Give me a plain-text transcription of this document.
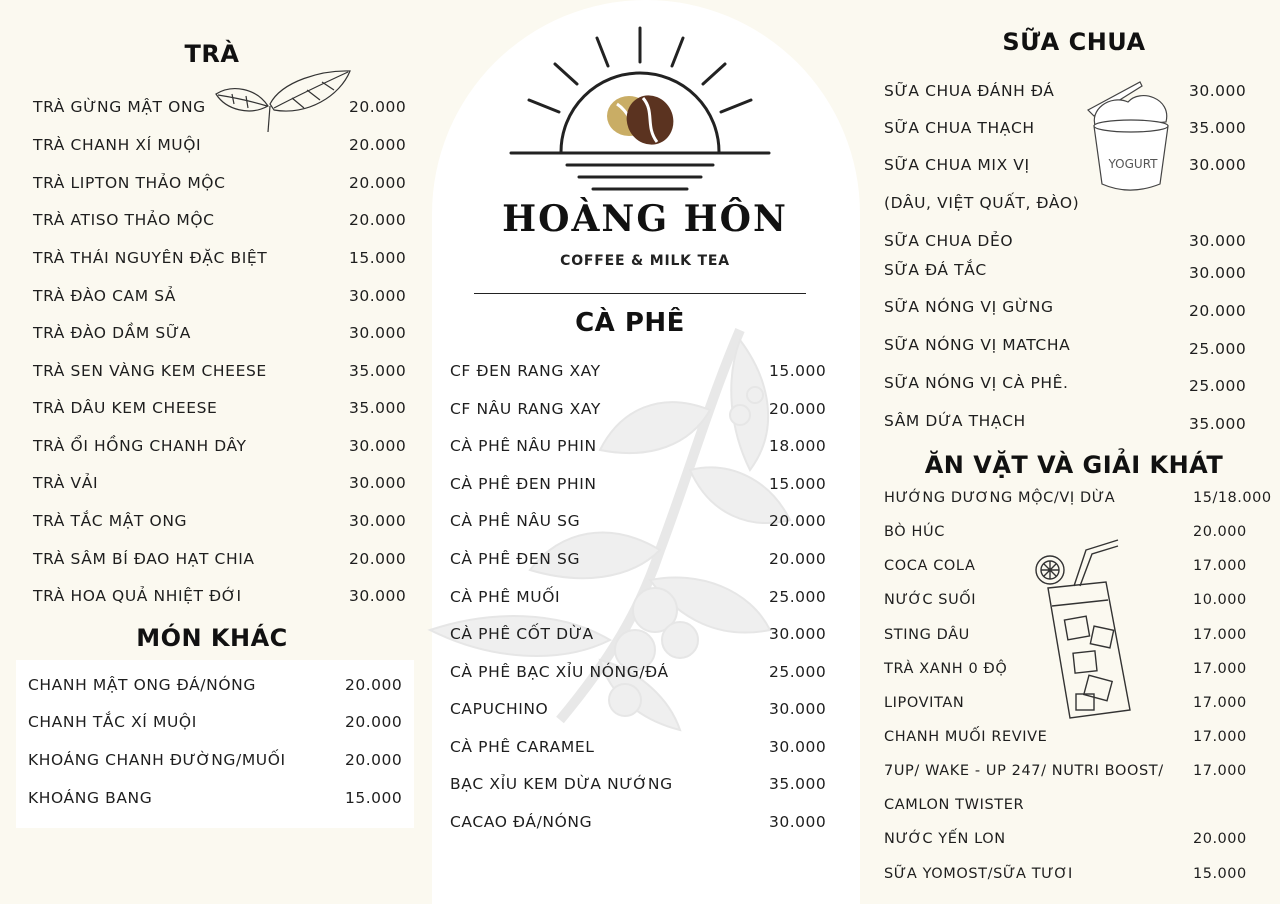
HOÀNG HÔN
COFFEE & MILK TEA
YOGURT
TRÀ
MÓN KHÁC
CÀ PHÊ
SỮA CHUA
ĂN VẶT VÀ GIẢI KHÁT
TRÀ GỪNG MẬT ONG	20.000
TRÀ CHANH XÍ MUỘI	20.000
TRÀ LIPTON THẢO MỘC	20.000
TRÀ ATISO THẢO MỘC	20.000
TRÀ THÁI NGUYÊN ĐẶC BIỆT	15.000
TRÀ ĐÀO CAM SẢ	30.000
TRÀ ĐÀO DẦM SỮA	30.000
TRÀ SEN VÀNG KEM CHEESE	35.000
TRÀ DÂU KEM CHEESE	35.000
TRÀ ỔI HỒNG CHANH DÂY	30.000
TRÀ VẢI	30.000
TRÀ TẮC MẬT ONG	30.000
TRÀ SÂM BÍ ĐAO HẠT CHIA	20.000
TRÀ HOA QUẢ NHIỆT ĐỚI	30.000
CHANH MẬT ONG ĐÁ/NÓNG	20.000
CHANH TẮC XÍ MUỘI	20.000
KHOÁNG CHANH ĐƯỜNG/MUỐI	20.000
KHOÁNG BANG	15.000
CF ĐEN RANG XAY	15.000
CF NÂU RANG XAY	20.000
CÀ PHÊ NÂU PHIN	18.000
CÀ PHÊ ĐEN PHIN	15.000
CÀ PHÊ NÂU SG	20.000
CÀ PHÊ ĐEN SG	20.000
CÀ PHÊ MUỐI	25.000
CÀ PHÊ CỐT DỪA	30.000
CÀ PHÊ BẠC XỈU NÓNG/ĐÁ	25.000
CAPUCHINO	30.000
CÀ PHÊ CARAMEL	30.000
BẠC XỈU KEM DỪA NƯỚNG	35.000
CACAO ĐÁ/NÓNG	30.000
SỮA CHUA ĐÁNH ĐÁ	30.000
SỮA CHUA THẠCH	35.000
SỮA CHUA MIX VỊ	30.000
(DÂU, VIỆT QUẤT, ĐÀO)
SỮA CHUA DẺO	30.000
SỮA ĐÁ TẮC	30.000
SỮA NÓNG VỊ GỪNG	20.000
SỮA NÓNG VỊ MATCHA	25.000
SỮA NÓNG VỊ CÀ PHÊ.	25.000
SÂM DỨA THẠCH	35.000
HƯỚNG DƯƠNG MỘC/VỊ DỪA	15/18.000
BÒ HÚC	20.000
COCA COLA	17.000
NƯỚC SUỐI	10.000
STING DÂU	17.000
TRÀ XANH 0 ĐỘ	17.000
LIPOVITAN	17.000
CHANH MUỐI REVIVE	17.000
7UP/ WAKE - UP 247/ NUTRI BOOST/ 17.000
CAMLON TWISTER
NƯỚC YẾN LON	20.000
SỮA YOMOST/SỮA TƯƠI	15.000
